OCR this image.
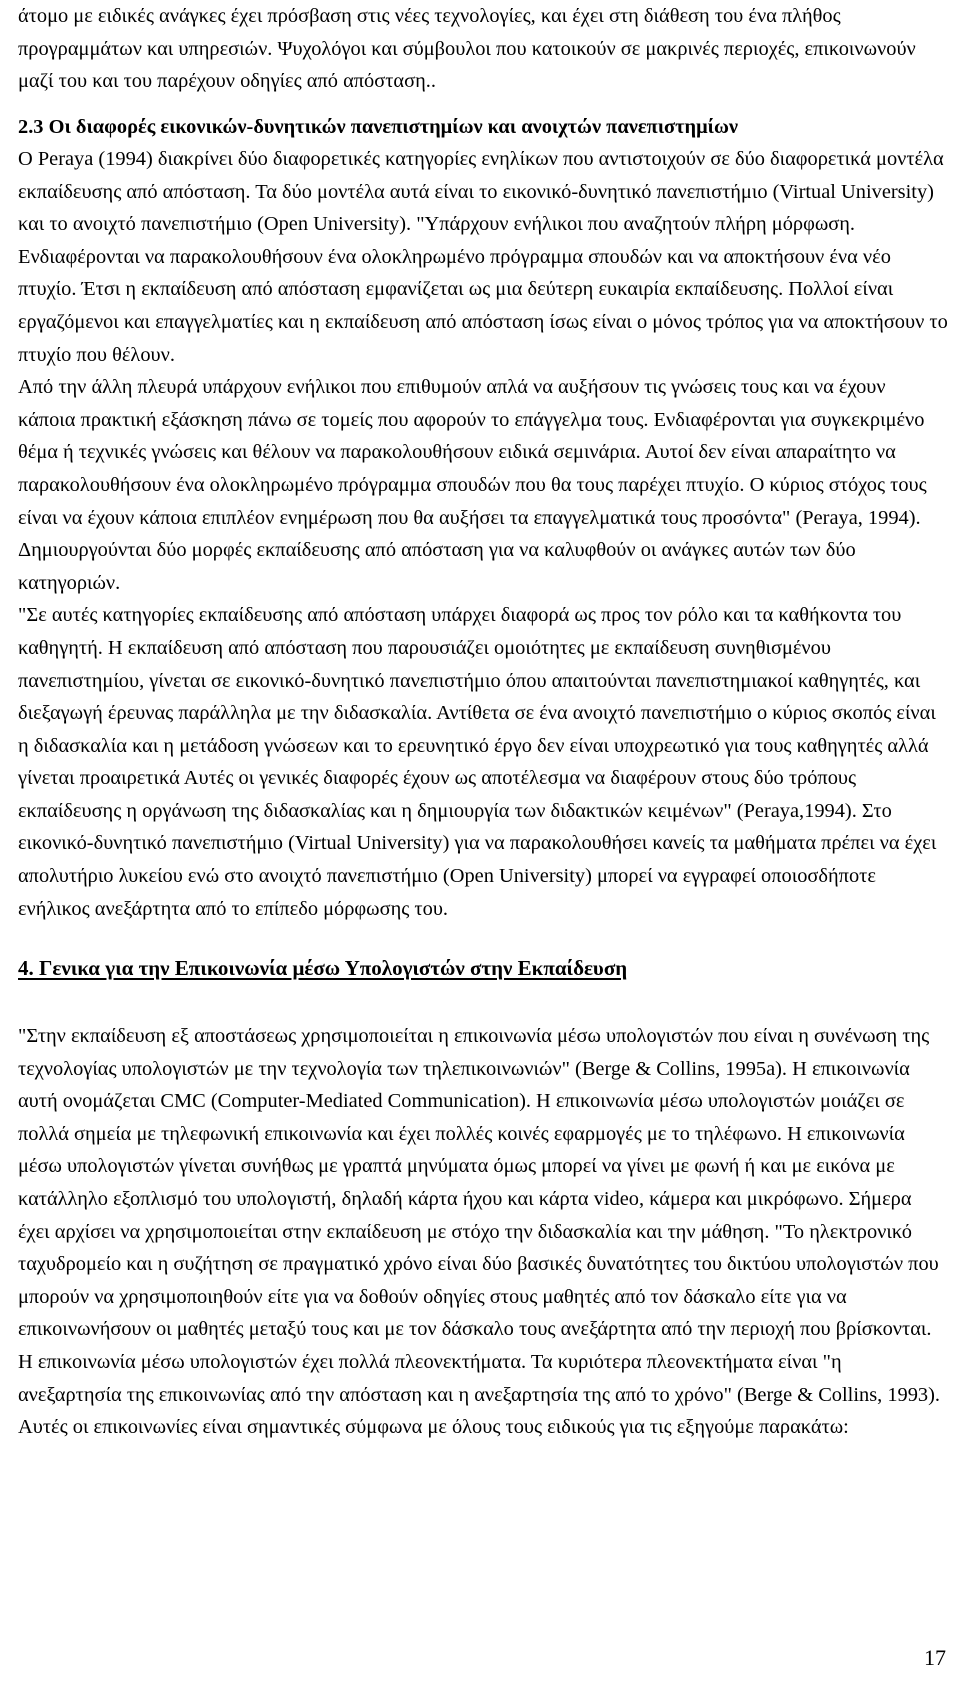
άτομο με ειδικές ανάγκες έχει πρόσβαση στις νέες τεχνολογίες, και έχει στη διάθεση του ένα πλήθος προγραμμάτων και υπηρεσιών. Ψυχολόγοι και σύμβουλοι που κατοικούν σε μακρινές περιοχές, επικοινωνούν μαζί του και του παρέχουν οδηγίες από απόσταση..

2.3 Οι διαφορές εικονικών-δυνητικών πανεπιστημίων και ανοιχτών πανεπιστημίων

Ο Peraya (1994) διακρίνει δύο διαφορετικές κατηγορίες ενηλίκων που αντιστοιχούν σε δύο διαφορετικά μοντέλα εκπαίδευσης από απόσταση. Τα δύο μοντέλα αυτά είναι το εικονικό-δυνητικό πανεπιστήμιο (Virtual University) και το ανοιχτό πανεπιστήμιο (Open University). "Υπάρχουν ενήλικοι που αναζητούν πλήρη μόρφωση. Ενδιαφέρονται να παρακολουθήσουν ένα ολοκληρωμένο πρόγραμμα σπουδών και να αποκτήσουν ένα νέο πτυχίο. Έτσι η εκπαίδευση από απόσταση εμφανίζεται ως μια δεύτερη ευκαιρία εκπαίδευσης. Πολλοί είναι εργαζόμενοι και επαγγελματίες και η εκπαίδευση από απόσταση ίσως είναι ο μόνος τρόπος για να αποκτήσουν το πτυχίο που θέλουν.
Από την άλλη πλευρά υπάρχουν ενήλικοι που επιθυμούν απλά να αυξήσουν τις γνώσεις τους και να έχουν κάποια πρακτική εξάσκηση πάνω σε τομείς που αφορούν το επάγγελμα τους. Ενδιαφέρονται για συγκεκριμένο θέμα ή τεχνικές γνώσεις και θέλουν να παρακολουθήσουν ειδικά σεμινάρια. Αυτοί δεν είναι απαραίτητο να παρακολουθήσουν ένα ολοκληρωμένο πρόγραμμα σπουδών που θα τους παρέχει πτυχίο. Ο κύριος στόχος τους είναι να έχουν κάποια επιπλέον ενημέρωση που θα αυξήσει τα επαγγελματικά τους προσόντα" (Peraya, 1994).
Δημιουργούνται δύο μορφές εκπαίδευσης από απόσταση για να καλυφθούν οι ανάγκες αυτών των δύο κατηγοριών.
"Σε αυτές κατηγορίες εκπαίδευσης από απόσταση υπάρχει διαφορά ως προς τον ρόλο και τα καθήκοντα του καθηγητή. Η εκπαίδευση από απόσταση που παρουσιάζει ομοιότητες με εκπαίδευση συνηθισμένου πανεπιστημίου, γίνεται σε εικονικό-δυνητικό πανεπιστήμιο όπου απαιτούνται πανεπιστημιακοί καθηγητές, και διεξαγωγή έρευνας παράλληλα με την διδασκαλία. Αντίθετα σε ένα ανοιχτό πανεπιστήμιο ο κύριος σκοπός είναι η διδασκαλία και η μετάδοση γνώσεων και το ερευνητικό έργο δεν είναι υποχρεωτικό για τους καθηγητές αλλά γίνεται προαιρετικά Αυτές οι γενικές διαφορές έχουν ως αποτέλεσμα να διαφέρουν στους δύο τρόπους εκπαίδευσης η οργάνωση της διδασκαλίας και η δημιουργία των διδακτικών κειμένων" (Peraya,1994). Στο εικονικό-δυνητικό πανεπιστήμιο (Virtual University) για να παρακολουθήσει κανείς τα μαθήματα πρέπει να έχει απολυτήριο λυκείου ενώ στο ανοιχτό πανεπιστήμιο (Open University) μπορεί να εγγραφεί οποιοσδήποτε ενήλικος ανεξάρτητα από το επίπεδο μόρφωσης του.

4. Γενικα για την Επικοινωνία μέσω Υπολογιστών στην Εκπαίδευση

"Στην εκπαίδευση εξ αποστάσεως χρησιμοποιείται η επικοινωνία μέσω υπολογιστών που είναι η συνένωση της τεχνολογίας υπολογιστών με την τεχνολογία των τηλεπικοινωνιών" (Berge & Collins, 1995a). Η επικοινωνία αυτή ονομάζεται CMC (Computer-Mediated Communication). Η επικοινωνία μέσω υπολογιστών μοιάζει σε πολλά σημεία με τηλεφωνική επικοινωνία και έχει πολλές κοινές εφαρμογές με το τηλέφωνο. Η επικοινωνία μέσω υπολογιστών γίνεται συνήθως με γραπτά μηνύματα όμως μπορεί να γίνει με φωνή ή και με εικόνα με κατάλληλο εξοπλισμό του υπολογιστή, δηλαδή κάρτα ήχου και κάρτα video, κάμερα και μικρόφωνο. Σήμερα έχει αρχίσει να χρησιμοποιείται στην εκπαίδευση με στόχο την διδασκαλία και την μάθηση. "Το ηλεκτρονικό ταχυδρομείο και η συζήτηση σε πραγματικό χρόνο είναι δύο βασικές δυνατότητες του δικτύου υπολογιστών που μπορούν να χρησιμοποιηθούν είτε για να δοθούν οδηγίες στους μαθητές από τον δάσκαλο είτε για να επικοινωνήσουν οι μαθητές μεταξύ τους και με τον δάσκαλο τους ανεξάρτητα από την περιοχή που βρίσκονται. Η επικοινωνία μέσω υπολογιστών έχει πολλά πλεονεκτήματα. Τα κυριότερα πλεονεκτήματα είναι "η ανεξαρτησία της επικοινωνίας από την απόσταση και η ανεξαρτησία της από το χρόνο" (Berge & Collins, 1993).
Αυτές οι επικοινωνίες είναι σημαντικές σύμφωνα με όλους τους ειδικούς για τις εξηγούμε παρακάτω:

17
